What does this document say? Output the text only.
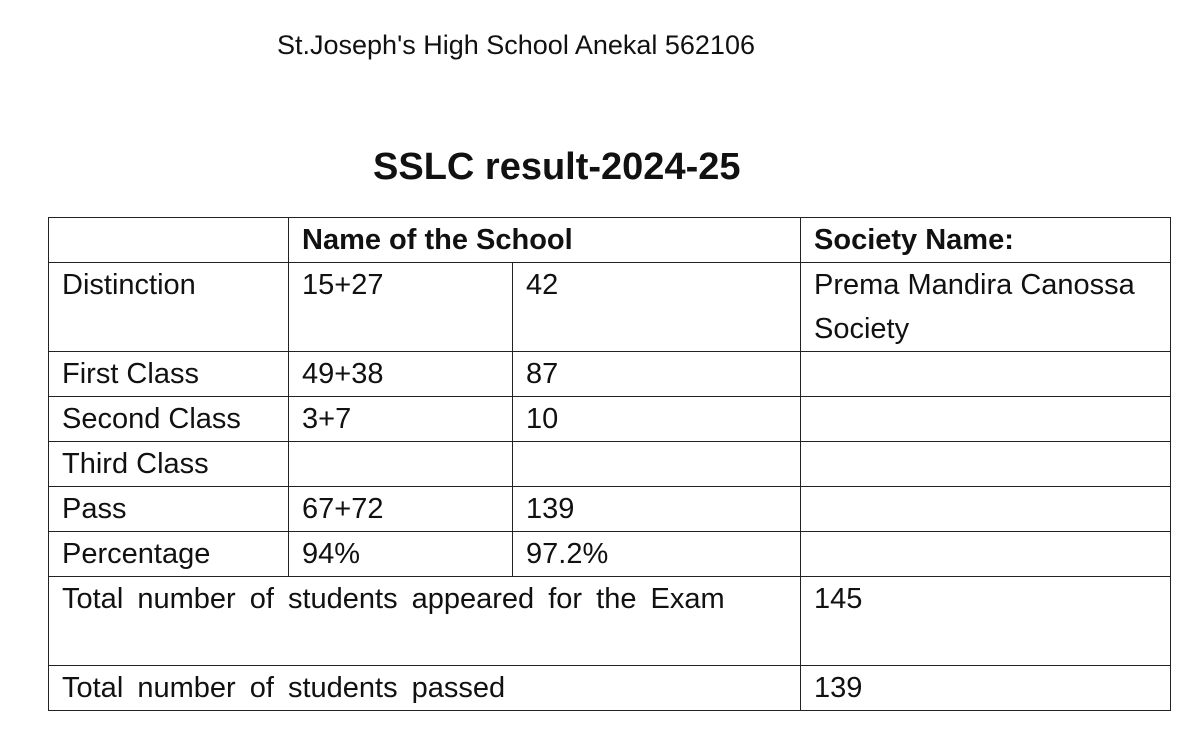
St.Joseph's High School Anekal 562106
SSLC result-2024-25
	Name of the School		Society Name:
Distinction	15+27	42	Prema Mandira Canossa Society
First Class	49+38	87	
Second Class	3+7	10	
Third Class			
Pass	67+72	139	
Percentage	94%	97.2%	
Total number of students appeared for the Exam			145
Total number of students passed			139
